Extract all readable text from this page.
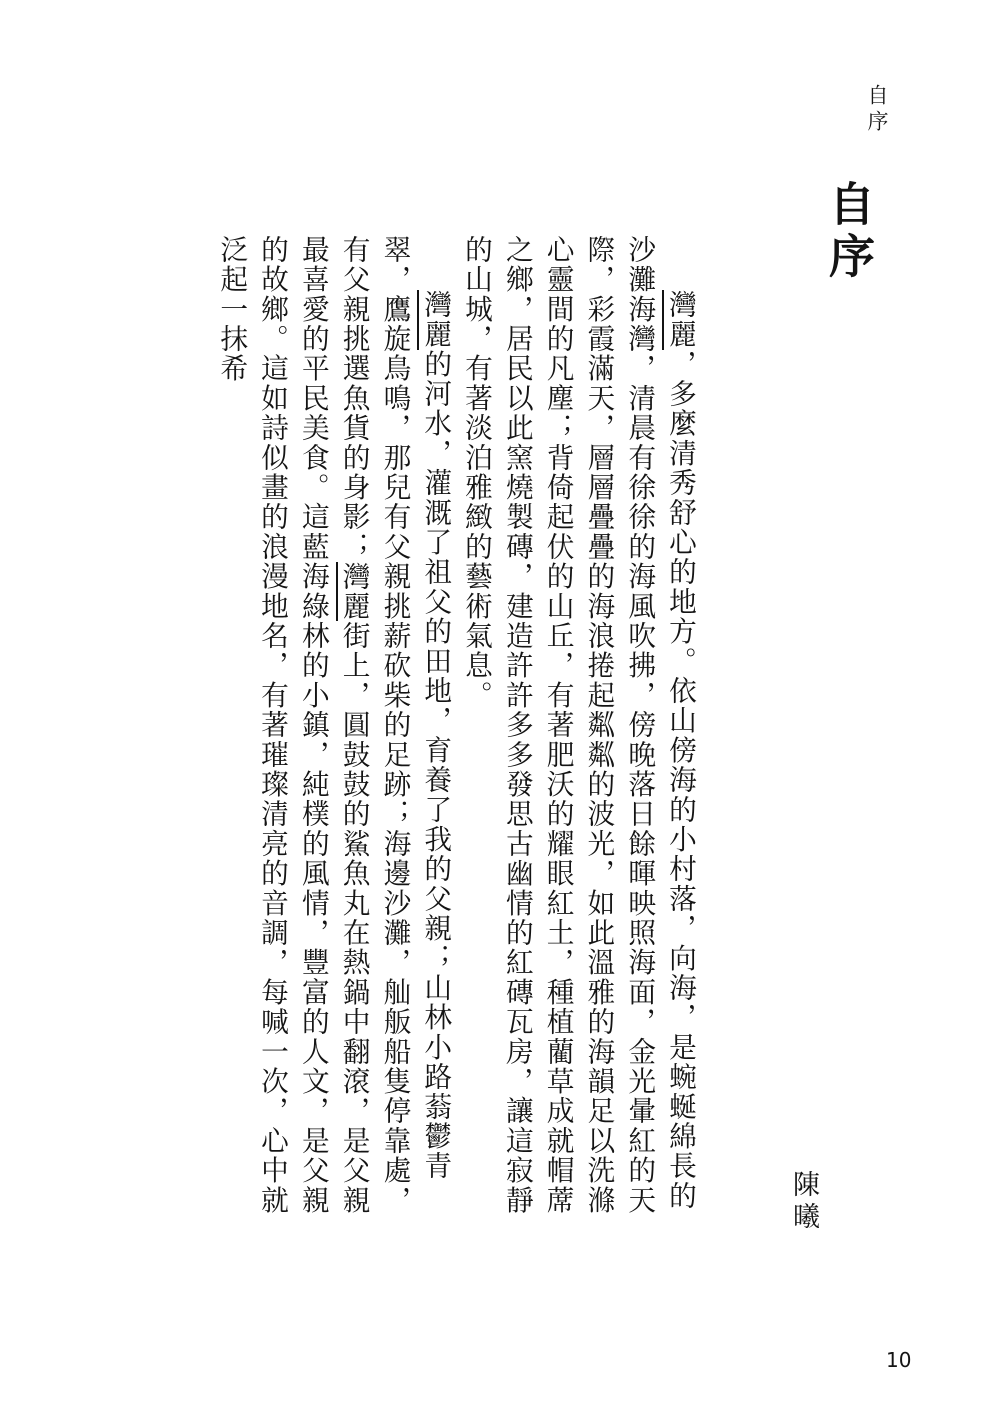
自序
自序
陳曦

灣麗，多麼清秀舒心的地方。依山傍海的小村落，向海，是蜿蜒綿長的沙灘海灣，清晨有徐徐的海風吹拂，傍晚落日餘暉映照海面，金光暈紅的天際，彩霞滿天，層層疊疊的海浪捲起粼粼的波光，如此溫雅的海韻足以洗滌心靈間的凡塵；背倚起伏的山丘，有著肥沃的耀眼紅土，種植藺草成就帽蓆之鄉，居民以此窯燒製磚，建造許許多多發思古幽情的紅磚瓦房，讓這寂靜的山城，有著淡泊雅緻的藝術氣息。

灣麗的河水，灌溉了祖父的田地，育養了我的父親；山林小路蓊鬱青翠，鷹旋鳥鳴，那兒有父親挑薪砍柴的足跡；海邊沙灘，舢舨船隻停靠處，有父親挑選魚貨的身影；灣麗街上，圓鼓鼓的鯊魚丸在熱鍋中翻滾，是父親最喜愛的平民美食。這藍海綠林的小鎮，純樸的風情，豐富的人文，是父親的故鄉。這如詩似畫的浪漫地名，有著璀璨清亮的音調，每喊一次，心中就泛起一抹希

10
